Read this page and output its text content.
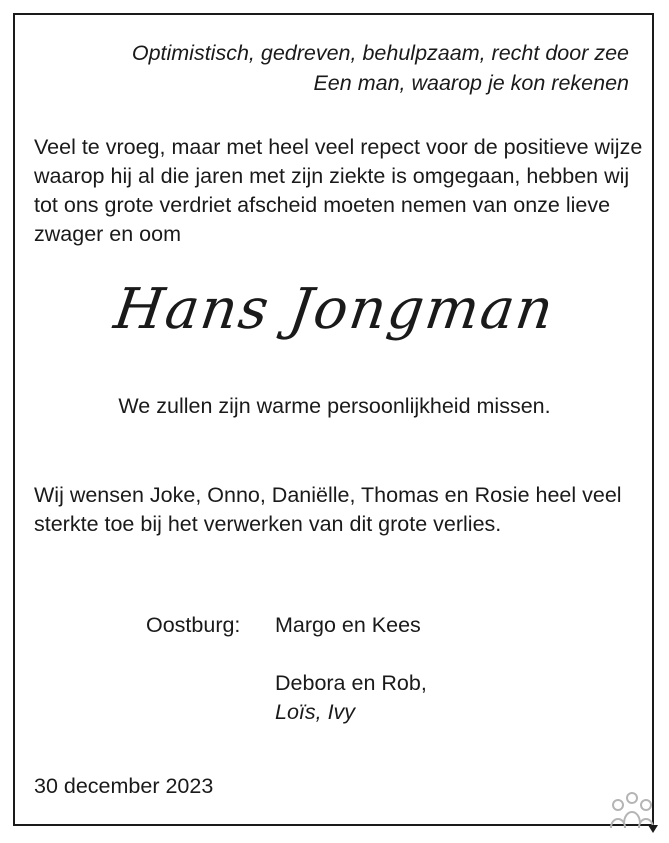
Optimistisch, gedreven, behulpzaam, recht door zee
Een man, waarop je kon rekenen
Veel te vroeg, maar met heel veel repect voor de positieve wijze waarop hij al die jaren met zijn ziekte is omgegaan, hebben wij tot ons grote verdriet afscheid moeten nemen van onze lieve zwager en oom
Hans Jongman
We zullen zijn warme persoonlijkheid missen.
Wij wensen Joke, Onno, Daniëlle, Thomas en Rosie heel veel sterkte toe bij het verwerken van dit grote verlies.
Oostburg: Margo en Kees
Debora en Rob,
Loïs, Ivy
30 december 2023
